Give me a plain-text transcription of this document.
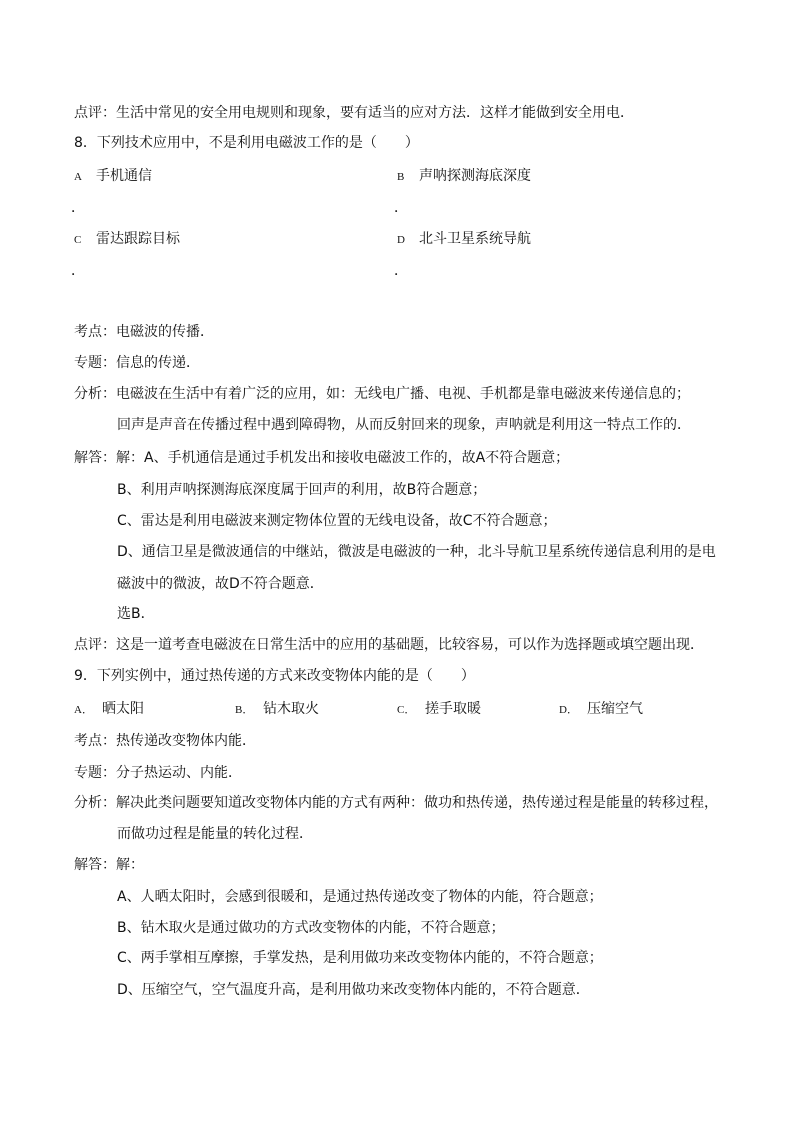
点评：生活中常见的安全用电规则和现象，要有适当的应对方法．这样才能做到安全用电．
8．下列技术应用中，不是利用电磁波工作的是（　　）
A 手机通信	B 声呐探测海底深度
．	．
C 雷达跟踪目标	D 北斗卫星系统导航
．	．
考点：电磁波的传播．
专题：信息的传递．
分析：电磁波在生活中有着广泛的应用，如：无线电广播、电视、手机都是靠电磁波来传递信息的；
回声是声音在传播过程中遇到障碍物，从而反射回来的现象，声呐就是利用这一特点工作的．
解答：解：A、手机通信是通过手机发出和接收电磁波工作的，故A不符合题意；
B、利用声呐探测海底深度属于回声的利用，故B符合题意；
C、雷达是利用电磁波来测定物体位置的无线电设备，故C不符合题意；
D、通信卫星是微波通信的中继站，微波是电磁波的一种，北斗导航卫星系统传递信息利用的是电
磁波中的微波，故D不符合题意．
选B．
点评：这是一道考查电磁波在日常生活中的应用的基础题，比较容易，可以作为选择题或填空题出现．
9．下列实例中，通过热传递的方式来改变物体内能的是（　　）
A． 晒太阳	B． 钻木取火	C． 搓手取暖	D． 压缩空气
考点：热传递改变物体内能．
专题：分子热运动、内能．
分析：解决此类问题要知道改变物体内能的方式有两种：做功和热传递，热传递过程是能量的转移过程，
而做功过程是能量的转化过程．
解答：解：
A、人晒太阳时，会感到很暖和，是通过热传递改变了物体的内能，符合题意；
B、钻木取火是通过做功的方式改变物体的内能，不符合题意；
C、两手掌相互摩擦，手掌发热，是利用做功来改变物体内能的，不符合题意；
D、压缩空气，空气温度升高，是利用做功来改变物体内能的，不符合题意．
